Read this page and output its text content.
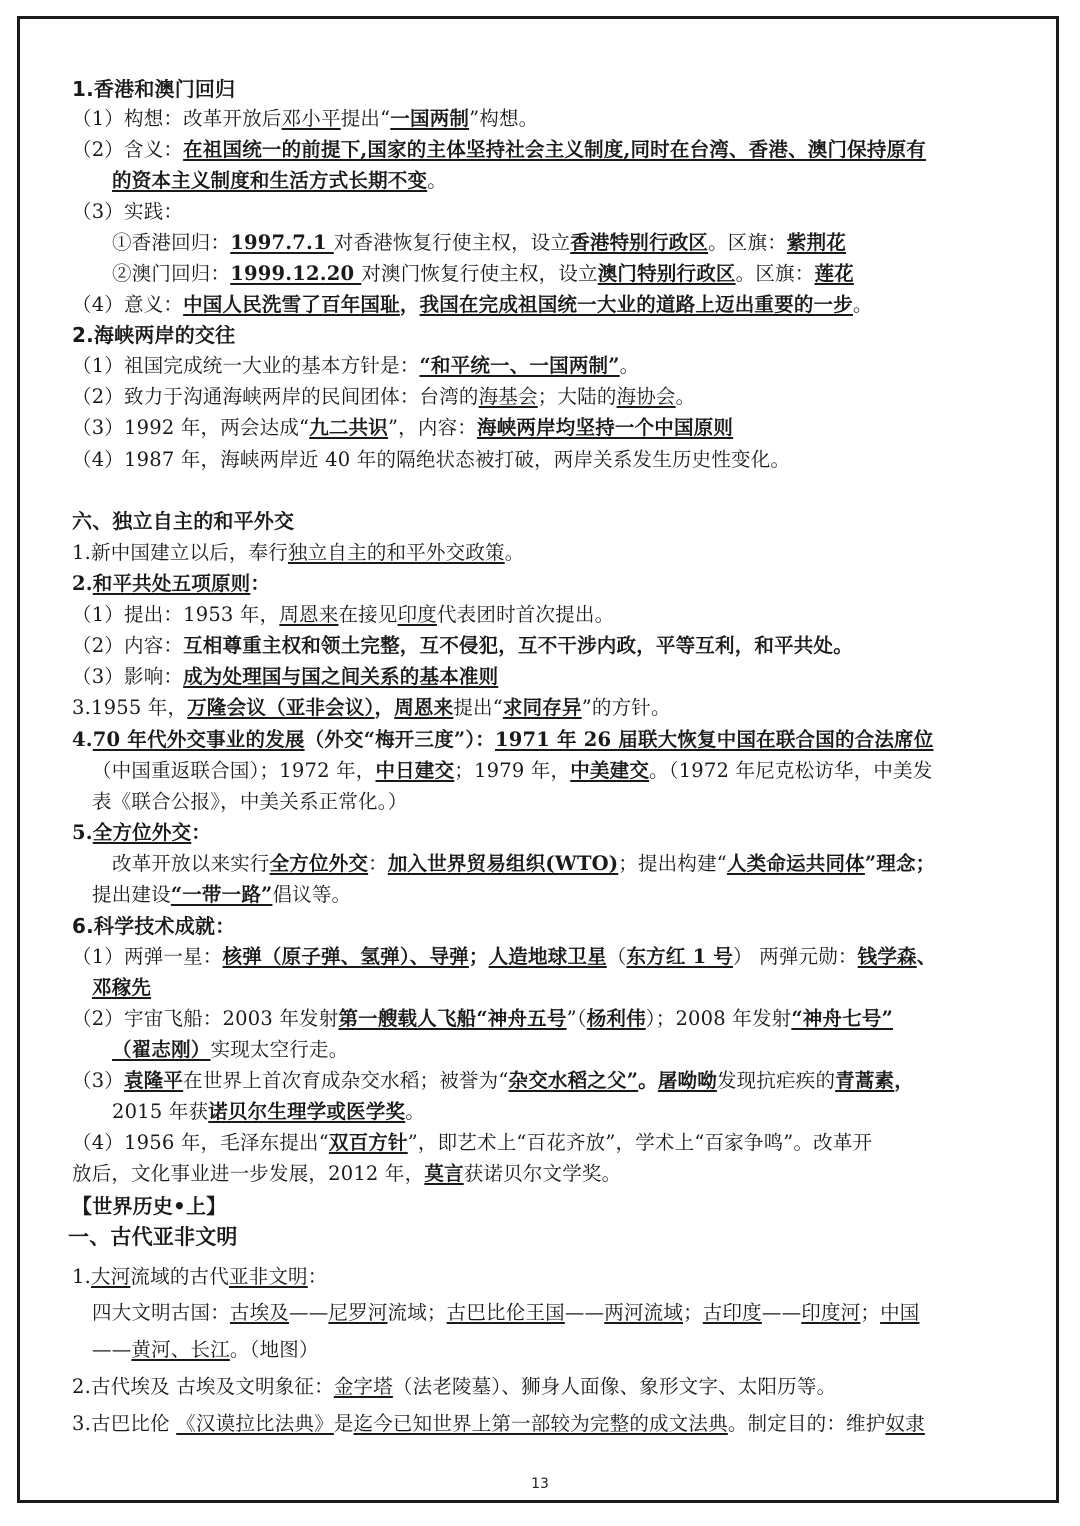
1.香港和澳门回归
（1）构想：改革开放后邓小平提出“一国两制”构想。
（2）含义：在祖国统一的前提下,国家的主体坚持社会主义制度,同时在台湾、香港、澳门保持原有
的资本主义制度和生活方式长期不变。
（3）实践：
①香港回归：1997.7.1 对香港恢复行使主权，设立香港特别行政区。区旗：紫荆花
②澳门回归：1999.12.20 对澳门恢复行使主权，设立澳门特别行政区。区旗：莲花
（4）意义：中国人民洗雪了百年国耻，我国在完成祖国统一大业的道路上迈出重要的一步。
2.海峡两岸的交往
（1）祖国完成统一大业的基本方针是：“和平统一、一国两制”。
（2）致力于沟通海峡两岸的民间团体：台湾的海基会；大陆的海协会。
（3）1992 年，两会达成“九二共识”，内容：海峡两岸均坚持一个中国原则
（4）1987 年，海峡两岸近 40 年的隔绝状态被打破，两岸关系发生历史性变化。
六、独立自主的和平外交
1.新中国建立以后，奉行独立自主的和平外交政策。
2.和平共处五项原则：
（1）提出：1953 年，周恩来在接见印度代表团时首次提出。
（2）内容：互相尊重主权和领土完整，互不侵犯，互不干涉内政，平等互利，和平共处。
（3）影响：成为处理国与国之间关系的基本准则
3.1955 年，万隆会议（亚非会议），周恩来提出“求同存异”的方针。
4.70 年代外交事业的发展（外交“梅开三度”）：1971 年 26 届联大恢复中国在联合国的合法席位
（中国重返联合国）；1972 年，中日建交；1979 年，中美建交。（1972 年尼克松访华，中美发
表《联合公报》，中美关系正常化。）
5.全方位外交：
改革开放以来实行全方位外交：加入世界贸易组织(WTO)；提出构建“人类命运共同体”理念；
提出建设“一带一路”倡议等。
6.科学技术成就：
（1）两弹一星：核弹（原子弹、氢弹）、导弹；人造地球卫星（东方红 1 号） 两弹元勋：钱学森、
邓稼先
（2）宇宙飞船：2003 年发射第一艘载人飞船“神舟五号”（杨利伟）；2008 年发射“神舟七号”
（翟志刚）实现太空行走。
（3）袁隆平在世界上首次育成杂交水稻；被誉为“杂交水稻之父”。屠呦呦发现抗疟疾的青蒿素，
2015 年获诺贝尔生理学或医学奖。
（4）1956 年，毛泽东提出“双百方针”，即艺术上“百花齐放”，学术上“百家争鸣”。改革开
放后，文化事业进一步发展，2012 年，莫言获诺贝尔文学奖。
【世界历史•上】
一、古代亚非文明
1.大河流域的古代亚非文明：
四大文明古国：古埃及——尼罗河流域；古巴比伦王国——两河流域；古印度——印度河；中国
——黄河、长江。（地图）
2.古代埃及 古埃及文明象征：金字塔（法老陵墓）、狮身人面像、象形文字、太阳历等。
3.古巴比伦 《汉谟拉比法典》是迄今已知世界上第一部较为完整的成文法典。制定目的：维护奴隶
13
